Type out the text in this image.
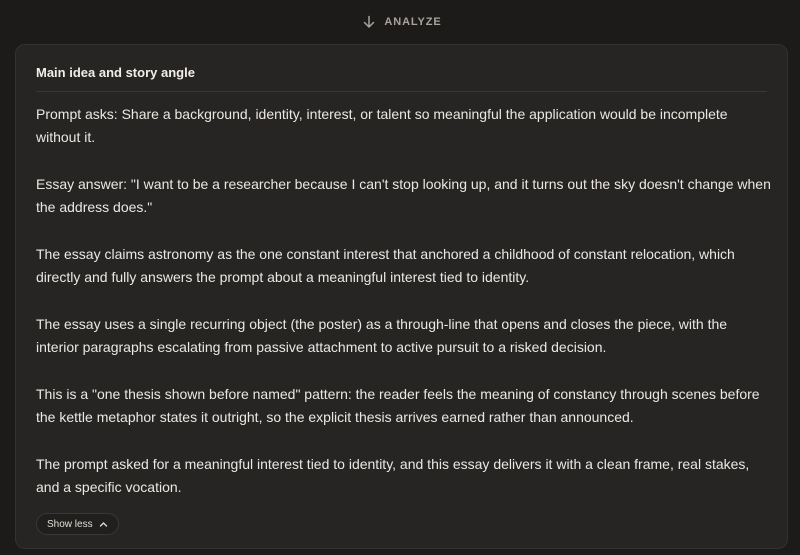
ANALYZE
Main idea and story angle

Prompt asks: Share a background, identity, interest, or talent so meaningful the application would be incomplete without it.

Essay answer: "I want to be a researcher because I can't stop looking up, and it turns out the sky doesn't change when the address does."

The essay claims astronomy as the one constant interest that anchored a childhood of constant relocation, which directly and fully answers the prompt about a meaningful interest tied to identity.

The essay uses a single recurring object (the poster) as a through-line that opens and closes the piece, with the interior paragraphs escalating from passive attachment to active pursuit to a risked decision.

This is a "one thesis shown before named" pattern: the reader feels the meaning of constancy through scenes before the kettle metaphor states it outright, so the explicit thesis arrives earned rather than announced.

The prompt asked for a meaningful interest tied to identity, and this essay delivers it with a clean frame, real stakes, and a specific vocation.

Show less
